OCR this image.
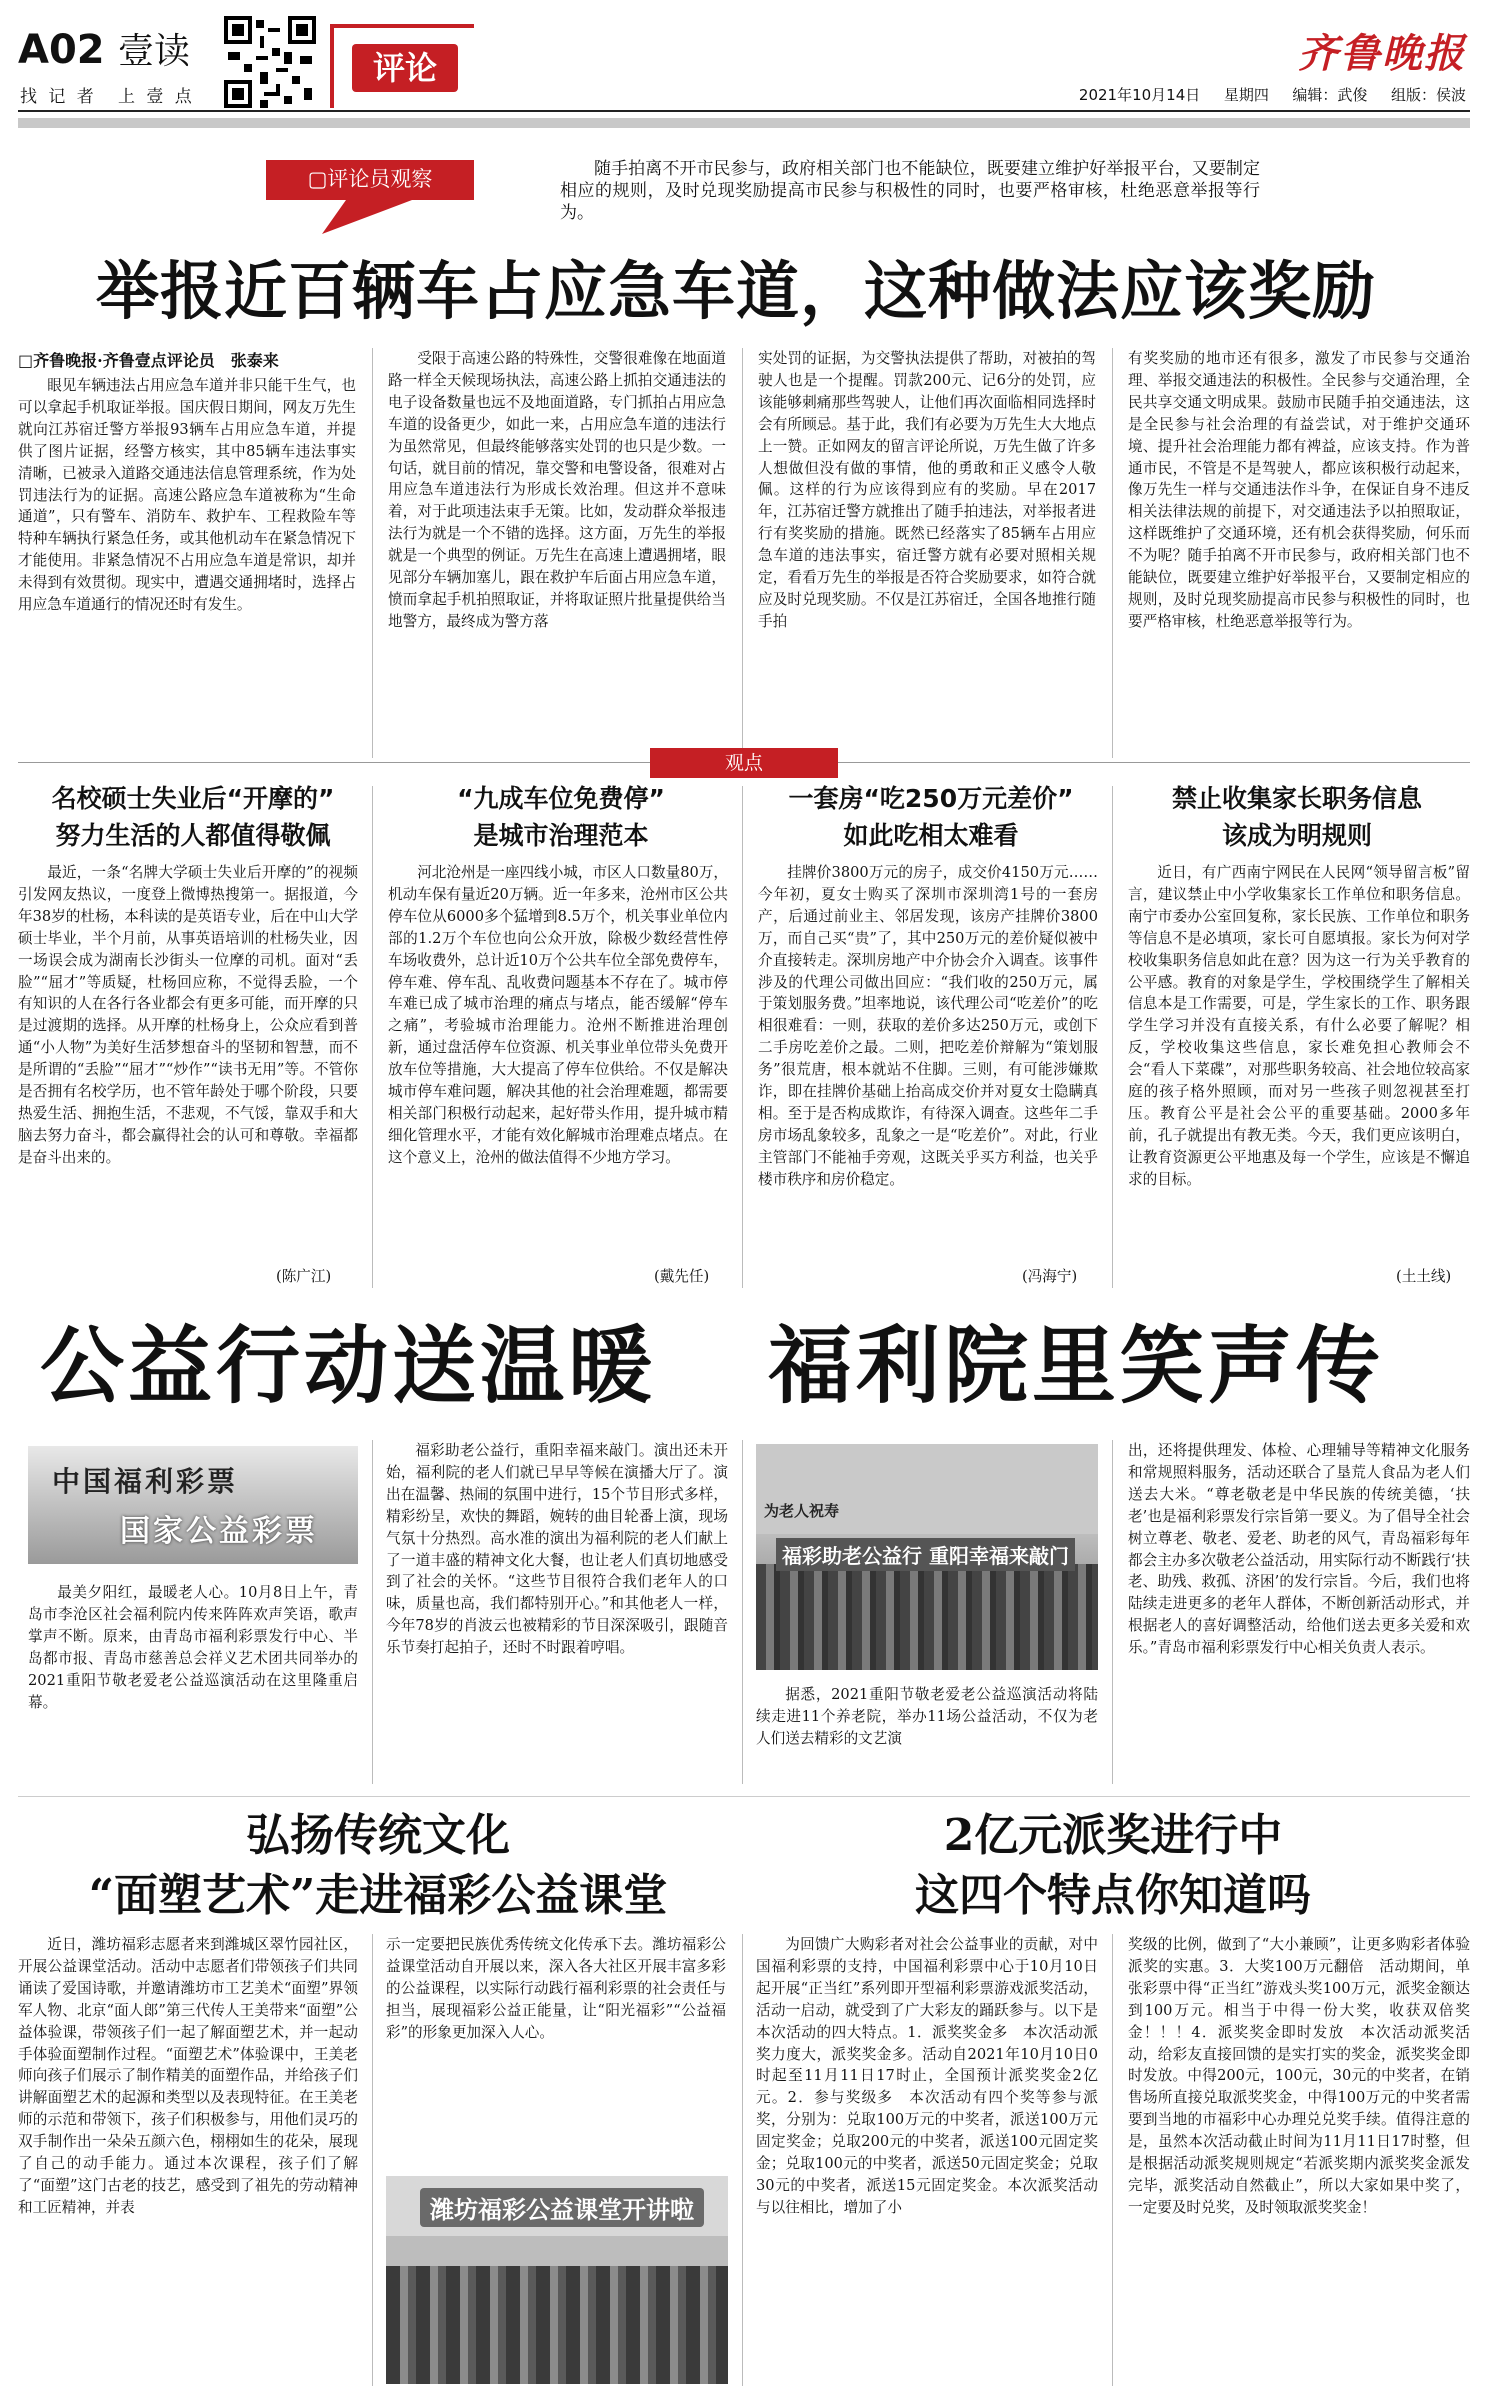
A02 壹读
找 记 者 上 壹 点
评论	齐鲁晚报
2021年10月14日 星期四 编辑：武俊 组版：侯波
▢评论员观察	随手拍离不开市民参与，政府相关部门也不能缺位，既要建立维护好举报平台，又要制定相应的规则，及时兑现奖励提高市民参与积极性的同时，也要严格审核，杜绝恶意举报等行为。
举报近百辆车占应急车道，这种做法应该奖励
□齐鲁晚报·齐鲁壹点评论员　张泰来
眼见车辆违法占用应急车道并非只能干生气，也可以拿起手机取证举报。国庆假日期间，网友万先生就向江苏宿迁警方举报93辆车占用应急车道，并提供了图片证据，经警方核实，其中85辆车违法事实清晰，已被录入道路交通违法信息管理系统，作为处罚违法行为的证据。高速公路应急车道被称为“生命通道”，只有警车、消防车、救护车、工程救险车等特种车辆执行紧急任务，或其他机动车在紧急情况下才能使用。非紧急情况不占用应急车道是常识，却并未得到有效贯彻。现实中，遭遇交通拥堵时，选择占用应急车道通行的情况还时有发生。
受限于高速公路的特殊性，交警很难像在地面道路一样全天候现场执法，高速公路上抓拍交通违法的电子设备数量也远不及地面道路，专门抓拍占用应急车道的设备更少，如此一来，占用应急车道的违法行为虽然常见，但最终能够落实处罚的也只是少数。一句话，就目前的情况，靠交警和电警设备，很难对占用应急车道违法行为形成长效治理。但这并不意味着，对于此项违法束手无策。比如，发动群众举报违法行为就是一个不错的选择。这方面，万先生的举报就是一个典型的例证。万先生在高速上遭遇拥堵，眼见部分车辆加塞儿，跟在救护车后面占用应急车道，愤而拿起手机拍照取证，并将取证照片批量提供给当地警方，最终成为警方落
实处罚的证据，为交警执法提供了帮助，对被拍的驾驶人也是一个提醒。罚款200元、记6分的处罚，应该能够刺痛那些驾驶人，让他们再次面临相同选择时会有所顾忌。基于此，我们有必要为万先生大大地点上一赞。正如网友的留言评论所说，万先生做了许多人想做但没有做的事情，他的勇敢和正义感令人敬佩。这样的行为应该得到应有的奖励。早在2017年，江苏宿迁警方就推出了随手拍违法，对举报者进行有奖奖励的措施。既然已经落实了85辆车占用应急车道的违法事实，宿迁警方就有必要对照相关规定，看看万先生的举报是否符合奖励要求，如符合就应及时兑现奖励。不仅是江苏宿迁，全国各地推行随手拍
有奖奖励的地市还有很多，激发了市民参与交通治理、举报交通违法的积极性。全民参与交通治理，全民共享交通文明成果。鼓励市民随手拍交通违法，这是全民参与社会治理的有益尝试，对于维护交通环境、提升社会治理能力都有裨益，应该支持。作为普通市民，不管是不是驾驶人，都应该积极行动起来，像万先生一样与交通违法作斗争，在保证自身不违反相关法律法规的前提下，对交通违法予以拍照取证，这样既维护了交通环境，还有机会获得奖励，何乐而不为呢？随手拍离不开市民参与，政府相关部门也不能缺位，既要建立维护好举报平台，又要制定相应的规则，及时兑现奖励提高市民参与积极性的同时，也要严格审核，杜绝恶意举报等行为。
观点
名校硕士失业后“开摩的”
努力生活的人都值得敬佩
最近，一条“名牌大学硕士失业后开摩的”的视频引发网友热议，一度登上微博热搜第一。据报道，今年38岁的杜杨，本科读的是英语专业，后在中山大学硕士毕业，半个月前，从事英语培训的杜杨失业，因一场误会成为湖南长沙街头一位摩的司机。面对“丢脸”“屈才”等质疑，杜杨回应称，不觉得丢脸，一个有知识的人在各行各业都会有更多可能，而开摩的只是过渡期的选择。从开摩的杜杨身上，公众应看到普通“小人物”为美好生活梦想奋斗的坚韧和智慧，而不是所谓的“丢脸”“屈才”“炒作”“读书无用”等。不管你是否拥有名校学历，也不管年龄处于哪个阶段，只要热爱生活、拥抱生活，不悲观，不气馁，靠双手和大脑去努力奋斗，都会赢得社会的认可和尊敬。幸福都是奋斗出来的。
(陈广江)
“九成车位免费停”
是城市治理范本
河北沧州是一座四线小城，市区人口数量80万，机动车保有量近20万辆。近一年多来，沧州市区公共停车位从6000多个猛增到8.5万个，机关事业单位内部的1.2万个车位也向公众开放，除极少数经营性停车场收费外，总计近10万个公共车位全部免费停车，停车难、停车乱、乱收费问题基本不存在了。城市停车难已成了城市治理的痛点与堵点，能否缓解“停车之痛”，考验城市治理能力。沧州不断推进治理创新，通过盘活停车位资源、机关事业单位带头免费开放车位等措施，大大提高了停车位供给。不仅是解决城市停车难问题，解决其他的社会治理难题，都需要相关部门积极行动起来，起好带头作用，提升城市精细化管理水平，才能有效化解城市治理难点堵点。在这个意义上，沧州的做法值得不少地方学习。
(戴先任)
一套房“吃250万元差价”
如此吃相太难看
挂牌价3800万元的房子，成交价4150万元……今年初，夏女士购买了深圳市深圳湾1号的一套房产，后通过前业主、邻居发现，该房产挂牌价3800万，而自己买“贵”了，其中250万元的差价疑似被中介直接转走。深圳房地产中介协会介入调查。该事件涉及的代理公司做出回应：“我们收的250万元，属于策划服务费。”坦率地说，该代理公司“吃差价”的吃相很难看：一则，获取的差价多达250万元，或创下二手房吃差价之最。二则，把吃差价辩解为“策划服务”很荒唐，根本就站不住脚。三则，有可能涉嫌欺诈，即在挂牌价基础上抬高成交价并对夏女士隐瞒真相。至于是否构成欺诈，有待深入调查。这些年二手房市场乱象较多，乱象之一是“吃差价”。对此，行业主管部门不能袖手旁观，这既关乎买方利益，也关乎楼市秩序和房价稳定。
(冯海宁)
禁止收集家长职务信息
该成为明规则
近日，有广西南宁网民在人民网“领导留言板”留言，建议禁止中小学收集家长工作单位和职务信息。南宁市委办公室回复称，家长民族、工作单位和职务等信息不是必填项，家长可自愿填报。家长为何对学校收集职务信息如此在意？因为这一行为关乎教育的公平感。教育的对象是学生，学校围绕学生了解相关信息本是工作需要，可是，学生家长的工作、职务跟学生学习并没有直接关系，有什么必要了解呢？相反，学校收集这些信息，家长难免担心教师会不会“看人下菜碟”，对那些职务较高、社会地位较高家庭的孩子格外照顾，而对另一些孩子则忽视甚至打压。教育公平是社会公平的重要基础。2000多年前，孔子就提出有教无类。今天，我们更应该明白，让教育资源更公平地惠及每一个学生，应该是不懈追求的目标。
(土土线)
公益行动送温暖 福利院里笑声传
中国福利彩票
国家公益彩票
最美夕阳红，最暖老人心。10月8日上午，青岛市李沧区社会福利院内传来阵阵欢声笑语，歌声掌声不断。原来，由青岛市福利彩票发行中心、半岛都市报、青岛市慈善总会祥义艺术团共同举办的2021重阳节敬老爱老公益巡演活动在这里隆重启幕。
福彩助老公益行，重阳幸福来敲门。演出还未开始，福利院的老人们就已早早等候在演播大厅了。演出在温馨、热闹的氛围中进行，15个节目形式多样，精彩纷呈，欢快的舞蹈，婉转的曲目轮番上演，现场气氛十分热烈。高水准的演出为福利院的老人们献上了一道丰盛的精神文化大餐，也让老人们真切地感受到了社会的关怀。“这些节目很符合我们老年人的口味，质量也高，我们都特别开心。”和其他老人一样，今年78岁的肖波云也被精彩的节目深深吸引，跟随音乐节奏打起拍子，还时不时跟着哼唱。
福彩助老公益行 重阳幸福来敲门
为老人祝寿
据悉，2021重阳节敬老爱老公益巡演活动将陆续走进11个养老院，举办11场公益活动，不仅为老人们送去精彩的文艺演
出，还将提供理发、体检、心理辅导等精神文化服务和常规照料服务，活动还联合了垦荒人食品为老人们送去大米。“尊老敬老是中华民族的传统美德，‘扶老’也是福利彩票发行宗旨第一要义。为了倡导全社会树立尊老、敬老、爱老、助老的风气，青岛福彩每年都会主办多次敬老公益活动，用实际行动不断践行‘扶老、助残、救孤、济困’的发行宗旨。今后，我们也将陆续走进更多的老年人群体，不断创新活动形式，并根据老人的喜好调整活动，给他们送去更多关爱和欢乐。”青岛市福利彩票发行中心相关负责人表示。
弘扬传统文化
“面塑艺术”走进福彩公益课堂
近日，潍坊福彩志愿者来到潍城区翠竹园社区，开展公益课堂活动。活动中志愿者们带领孩子们共同诵读了爱国诗歌，并邀请潍坊市工艺美术“面塑”界领军人物、北京“面人郎”第三代传人王美带来“面塑”公益体验课，带领孩子们一起了解面塑艺术，并一起动手体验面塑制作过程。“面塑艺术”体验课中，王美老师向孩子们展示了制作精美的面塑作品，并给孩子们讲解面塑艺术的起源和类型以及表现特征。在王美老师的示范和带领下，孩子们积极参与，用他们灵巧的双手制作出一朵朵五颜六色，栩栩如生的花朵，展现了自己的动手能力。通过本次课程，孩子们了解了“面塑”这门古老的技艺，感受到了祖先的劳动精神和工匠精神，并表
示一定要把民族优秀传统文化传承下去。潍坊福彩公益课堂活动自开展以来，深入各大社区开展丰富多彩的公益课程，以实际行动践行福利彩票的社会责任与担当，展现福彩公益正能量，让“阳光福彩”“公益福彩”的形象更加深入人心。
潍坊福彩公益课堂开讲啦
2亿元派奖进行中
这四个特点你知道吗
为回馈广大购彩者对社会公益事业的贡献，对中国福利彩票的支持，中国福利彩票中心于10月10日起开展“正当红”系列即开型福利彩票游戏派奖活动，活动一启动，就受到了广大彩友的踊跃参与。以下是本次活动的四大特点。1．派奖奖金多　本次活动派奖力度大，派奖奖金多。活动自2021年10月10日0时起至11月11日17时止，全国预计派奖奖金2亿元。2．参与奖级多　本次活动有四个奖等参与派奖，分别为：兑取100万元的中奖者，派送100万元固定奖金；兑取200元的中奖者，派送100元固定奖金；兑取100元的中奖者，派送50元固定奖金；兑取30元的中奖者，派送15元固定奖金。本次派奖活动与以往相比，增加了小
奖级的比例，做到了“大小兼顾”，让更多购彩者体验派奖的实惠。3．大奖100万元翻倍　活动期间，单张彩票中得“正当红”游戏头奖100万元，派奖金额达到100万元。相当于中得一份大奖，收获双倍奖金！！！4．派奖奖金即时发放　本次活动派奖活动，给彩友直接回馈的是实打实的奖金，派奖奖金即时发放。中得200元，100元，30元的中奖者，在销售场所直接兑取派奖奖金，中得100万元的中奖者需要到当地的市福彩中心办理兑兑奖手续。值得注意的是，虽然本次活动截止时间为11月11日17时整，但是根据活动派奖规则规定“若派奖期内派奖奖金派发完毕，派奖活动自然截止”，所以大家如果中奖了，一定要及时兑奖，及时领取派奖奖金！
